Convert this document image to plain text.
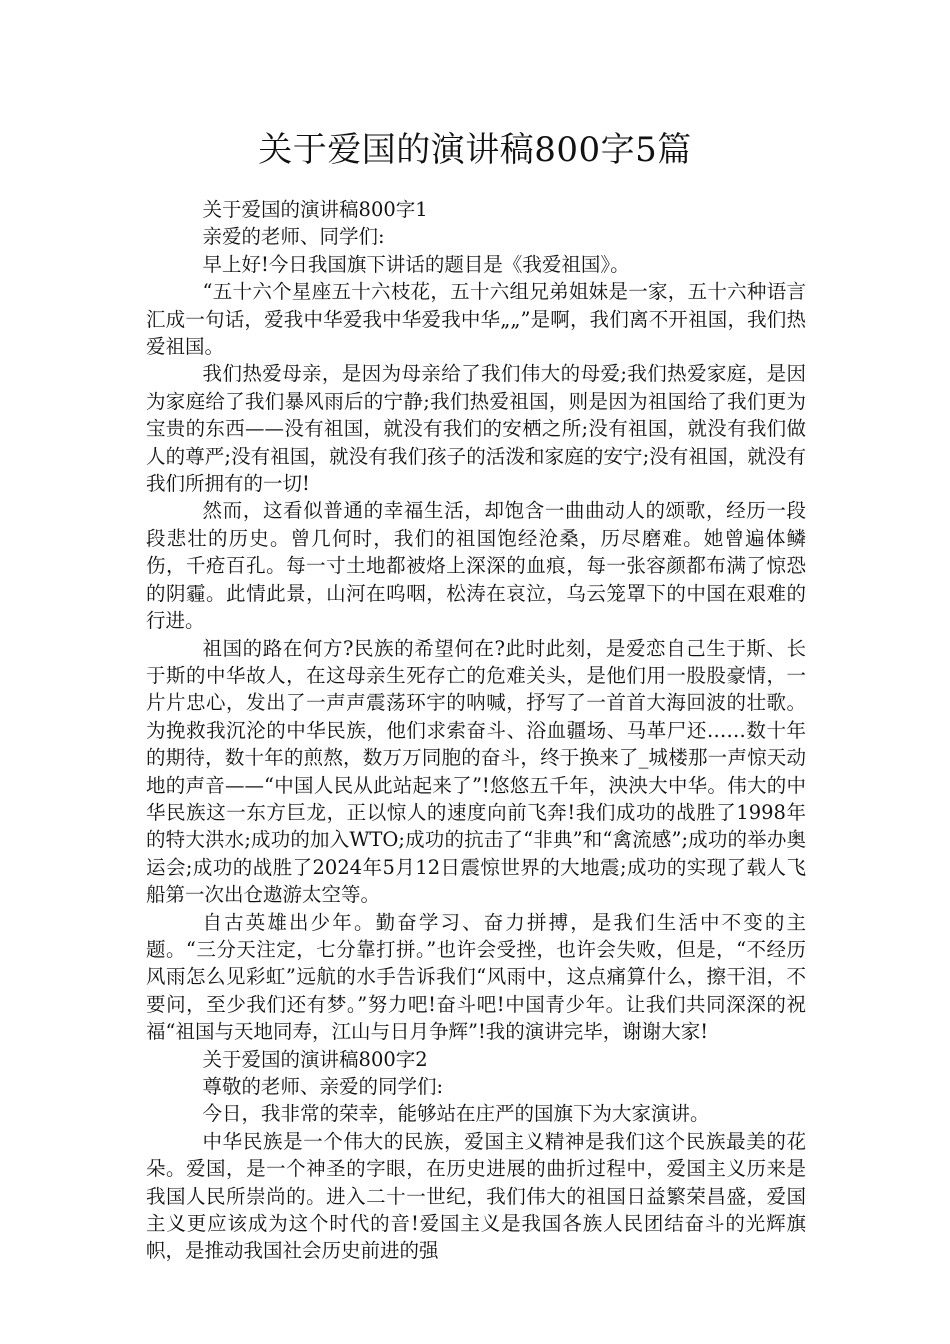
关于爱国的演讲稿800字5篇

关于爱国的演讲稿800字1

亲爱的老师、同学们:

早上好!今日我国旗下讲话的题目是《我爱祖国》。

“五十六个星座五十六枝花，五十六组兄弟姐妹是一家，五十六种语言汇成一句话，爱我中华爱我中华爱我中华„„”是啊，我们离不开祖国，我们热爱祖国。

我们热爱母亲，是因为母亲给了我们伟大的母爱;我们热爱家庭，是因为家庭给了我们暴风雨后的宁静;我们热爱祖国，则是因为祖国给了我们更为宝贵的东西——没有祖国，就没有我们的安栖之所;没有祖国，就没有我们做人的尊严;没有祖国，就没有我们孩子的活泼和家庭的安宁;没有祖国，就没有我们所拥有的一切!

然而，这看似普通的幸福生活，却饱含一曲曲动人的颂歌，经历一段段悲壮的历史。曾几何时，我们的祖国饱经沧桑，历尽磨难。她曾遍体鳞伤，千疮百孔。每一寸土地都被烙上深深的血痕，每一张容颜都布满了惊恐的阴霾。此情此景，山河在呜咽，松涛在哀泣，乌云笼罩下的中国在艰难的行进。

祖国的路在何方?民族的希望何在?此时此刻，是爱恋自己生于斯、长于斯的中华故人，在这母亲生死存亡的危难关头，是他们用一股股豪情，一片片忠心，发出了一声声震荡环宇的呐喊，抒写了一首首大海回波的壮歌。为挽救我沉沦的中华民族，他们求索奋斗、浴血疆场、马革尸还……数十年的期待，数十年的煎熬，数万万同胞的奋斗，终于换来了_城楼那一声惊天动地的声音——“中国人民从此站起来了”!悠悠五千年，泱泱大中华。伟大的中华民族这一东方巨龙，正以惊人的速度向前飞奔!我们成功的战胜了1998年的特大洪水;成功的加入WTO;成功的抗击了“非典”和“禽流感”;成功的举办奥运会;成功的战胜了2024年5月12日震惊世界的大地震;成功的实现了载人飞船第一次出仓遨游太空等。

自古英雄出少年。勤奋学习、奋力拼搏，是我们生活中不变的主题。“三分天注定，七分靠打拼。”也许会受挫，也许会失败，但是，“不经历风雨怎么见彩虹”远航的水手告诉我们“风雨中，这点痛算什么，擦干泪，不要问，至少我们还有梦。”努力吧!奋斗吧!中国青少年。让我们共同深深的祝福“祖国与天地同寿，江山与日月争辉”!我的演讲完毕，谢谢大家!

关于爱国的演讲稿800字2

尊敬的老师、亲爱的同学们:

今日，我非常的荣幸，能够站在庄严的国旗下为大家演讲。

中华民族是一个伟大的民族，爱国主义精神是我们这个民族最美的花朵。爱国，是一个神圣的字眼，在历史进展的曲折过程中，爱国主义历来是我国人民所崇尚的。进入二十一世纪，我们伟大的祖国日益繁荣昌盛，爱国主义更应该成为这个时代的音!爱国主义是我国各族人民团结奋斗的光辉旗帜，是推动我国社会历史前进的强
